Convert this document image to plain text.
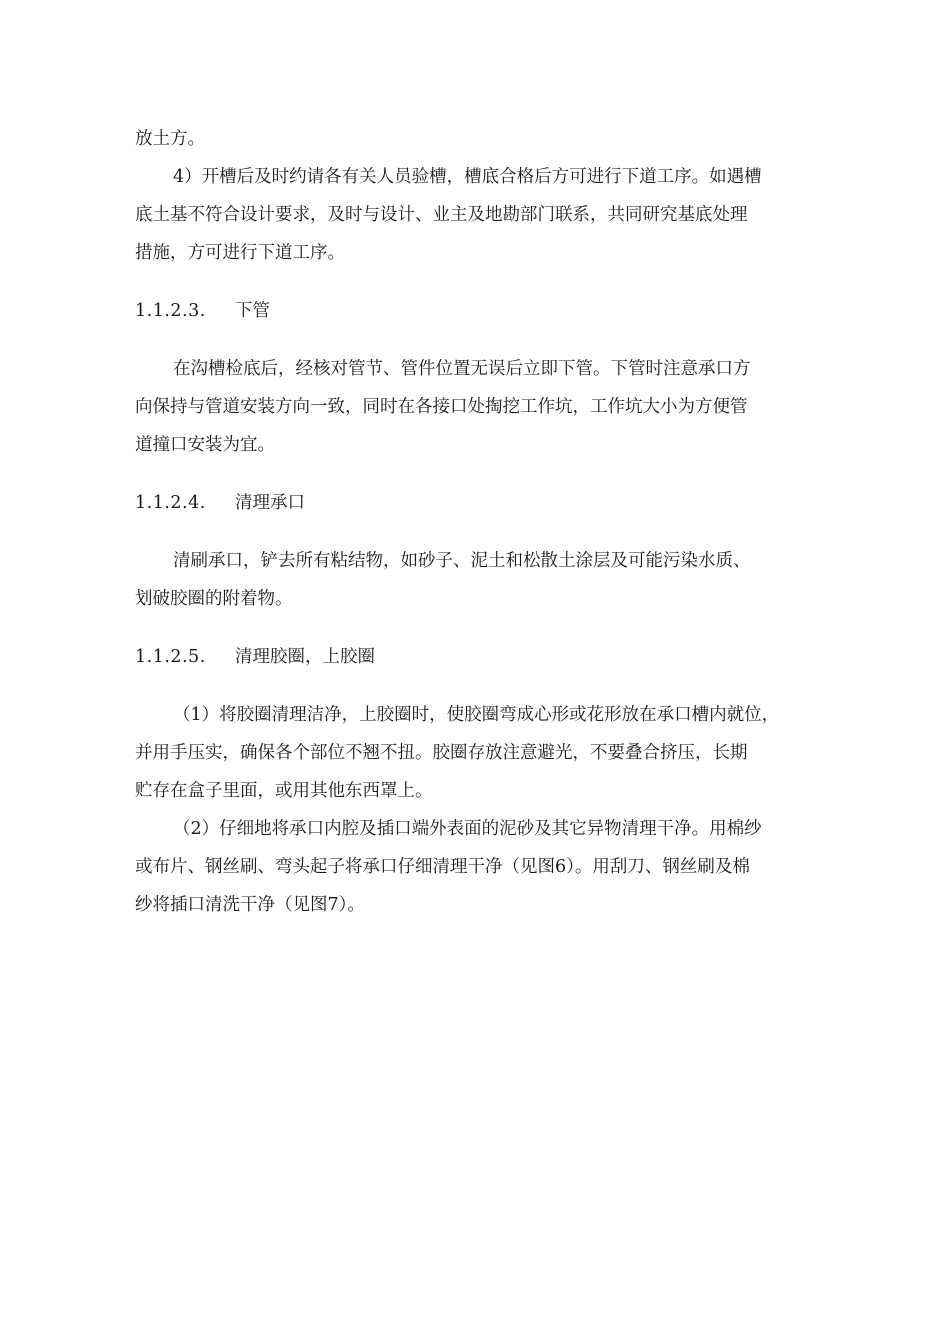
放土方。
4）开槽后及时约请各有关人员验槽，槽底合格后方可进行下道工序。如遇槽
底土基不符合设计要求，及时与设计、业主及地勘部门联系，共同研究基底处理
措施，方可进行下道工序。
1.1.2.3. 下管
在沟槽检底后，经核对管节、管件位置无误后立即下管。下管时注意承口方
向保持与管道安装方向一致，同时在各接口处掏挖工作坑，工作坑大小为方便管
道撞口安装为宜。
1.1.2.4. 清理承口
清刷承口，铲去所有粘结物，如砂子、泥土和松散土涂层及可能污染水质、
划破胶圈的附着物。
1.1.2.5. 清理胶圈，上胶圈
（1）将胶圈清理洁净，上胶圈时，使胶圈弯成心形或花形放在承口槽内就位，
并用手压实，确保各个部位不翘不扭。胶圈存放注意避光，不要叠合挤压，长期
贮存在盒子里面，或用其他东西罩上。
（2）仔细地将承口内腔及插口端外表面的泥砂及其它异物清理干净。用棉纱
或布片、钢丝刷、弯头起子将承口仔细清理干净（见图6）。用刮刀、钢丝刷及棉
纱将插口清洗干净（见图7）。
